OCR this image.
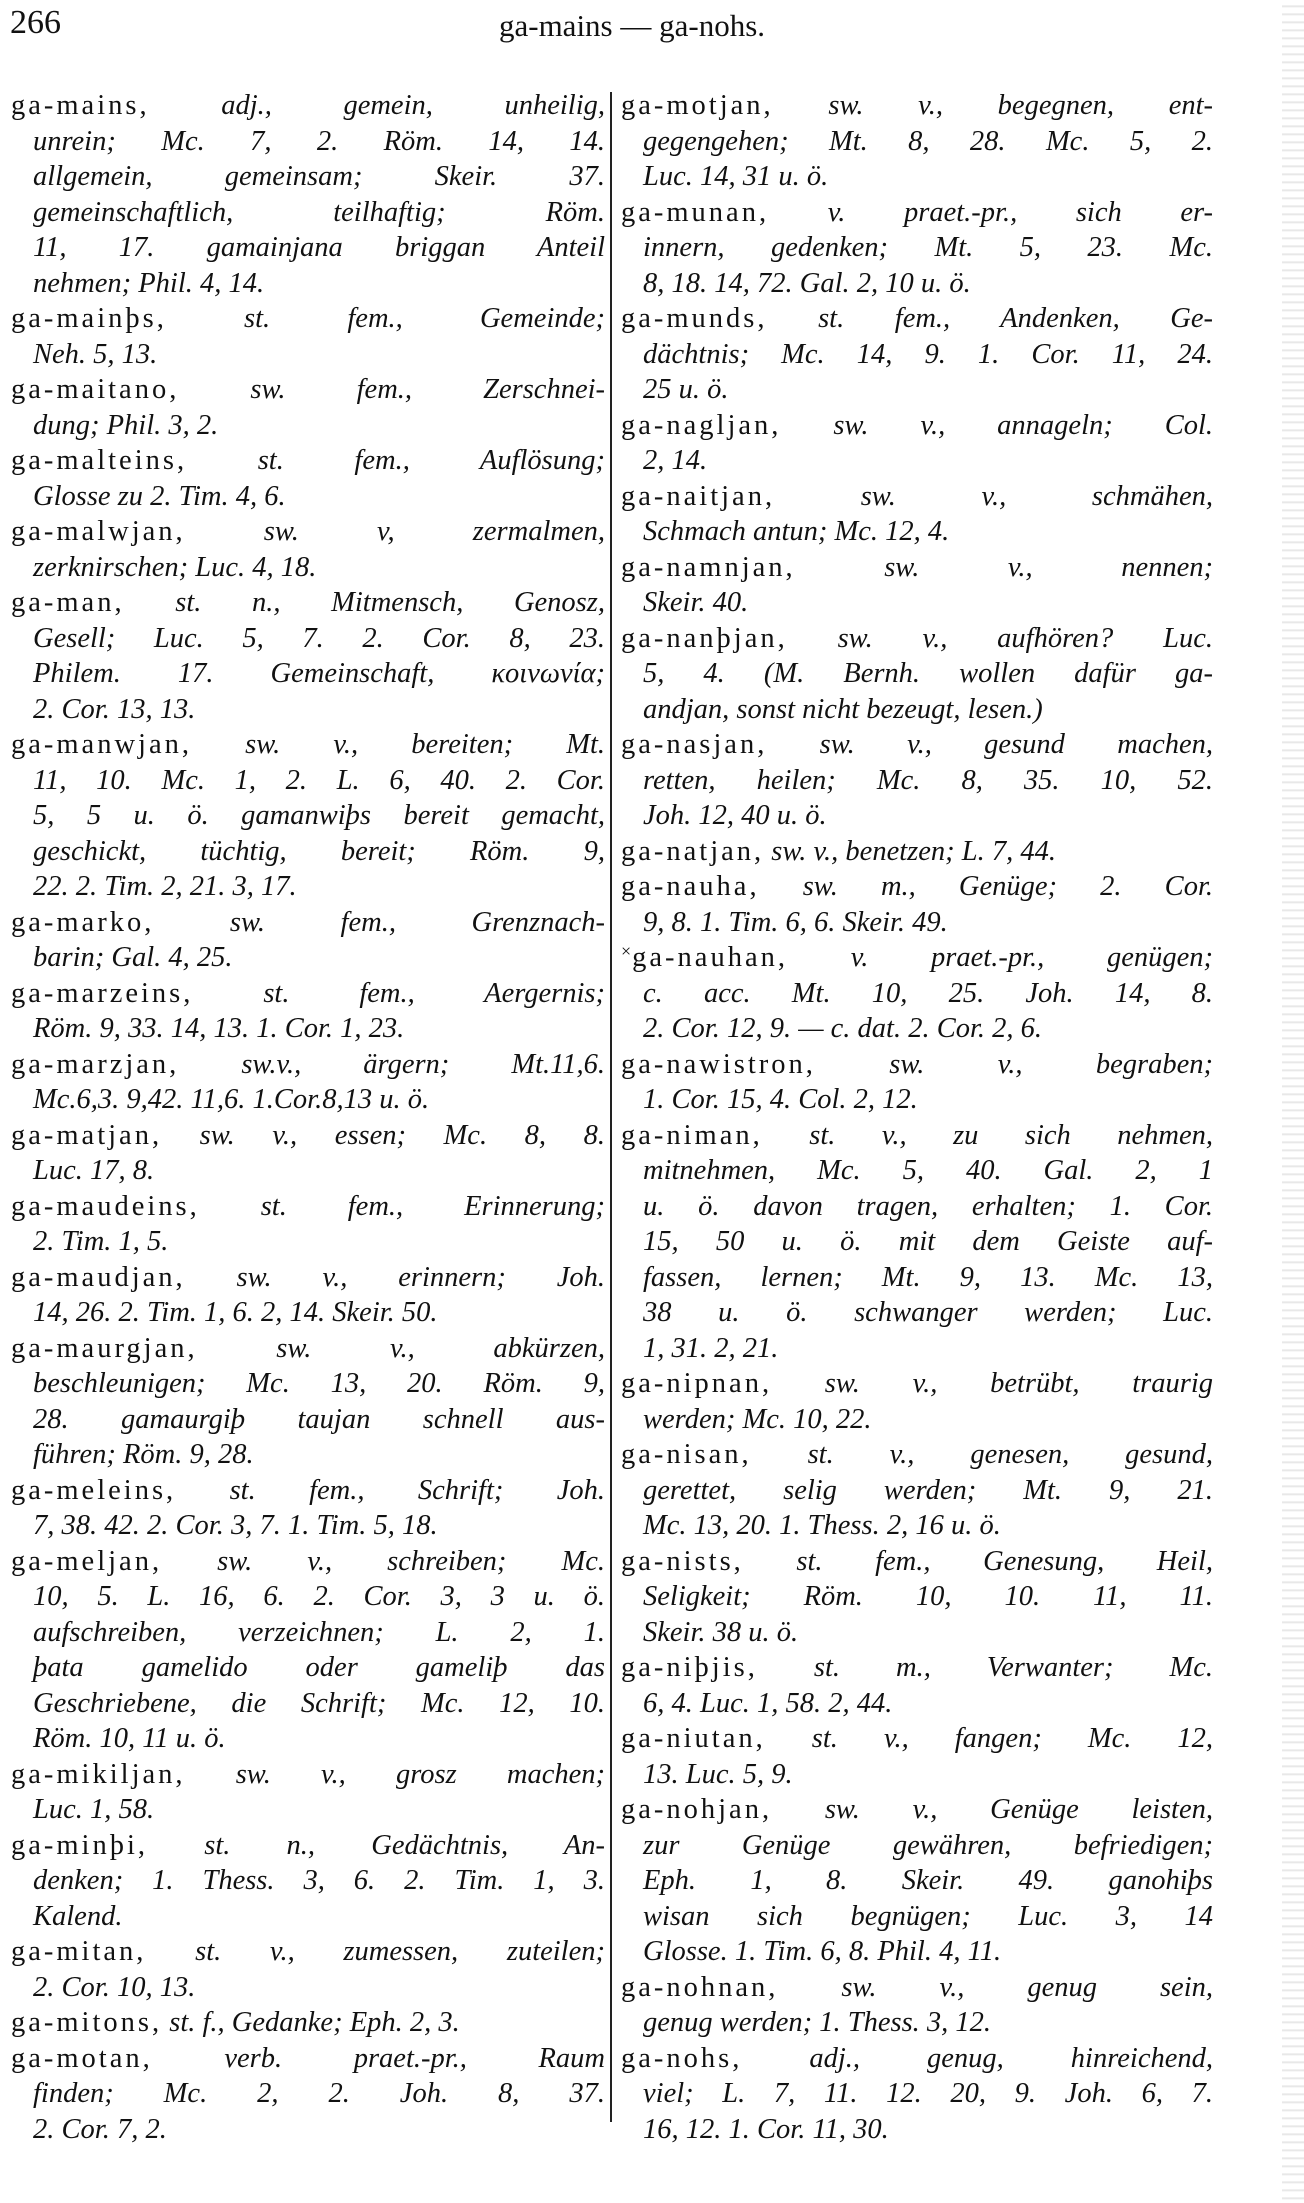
266	ga-mains — ga-nohs.
ga-mains,	adj., gemein, unheilig,
unrein; Mc. 7, 2. Röm. 14, 14.
allgemein, gemeinsam; Skeir. 37.
gemeinschaftlich, teilhaftig; Röm.
11, 17. gamainjana briggan Anteil
nehmen; Phil. 4, 14.
ga-mainþs,	st. fem., Gemeinde;
Neh. 5, 13.
ga-maitano, sw. fem., Zerschnei-
dung; Phil. 3, 2.
ga-malteins, st. fem., Auflösung;
Glosse zu 2. Tim. 4, 6.
ga-malwjan,	sw. v, zermalmen,
zerknirschen; Luc. 4, 18.
ga-man, st. n., Mitmensch, Genosz,
Gesell; Luc. 5, 7. 2. Cor. 8, 23.
Philem. 17. Gemeinschaft, κοινωνία;
2. Cor. 13, 13.
ga-manwjan, sw. v., bereiten; Mt.
11, 10. Mc. 1, 2. L. 6, 40. 2. Cor.
5, 5 u. ö. gamanwiþs bereit gemacht,
geschickt, tüchtig, bereit; Röm. 9,
22. 2. Tim. 2, 21. 3, 17.
ga-marko,	sw. fem., Grenznach-
barin; Gal. 4, 25.
ga-marzeins, st. fem., Aergernis;
Röm. 9, 33. 14, 13. 1. Cor. 1, 23.
ga-marzjan, sw.v., ärgern; Mt.11,6.
Mc.6,3. 9,42. 11,6. 1.Cor.8,13 u. ö.
ga-matjan, sw. v., essen; Mc. 8, 8.
Luc. 17, 8.
ga-maudeins, st. fem., Erinnerung;
2. Tim. 1, 5.
ga-maudjan, sw. v., erinnern; Joh.
14, 26. 2. Tim. 1, 6. 2, 14. Skeir. 50.
ga-maurgjan,	sw. v., abkürzen,
beschleunigen; Mc. 13, 20. Röm. 9,
28. gamaurgiþ taujan schnell aus-
führen; Röm. 9, 28.
ga-meleins, st. fem., Schrift; Joh.
7, 38. 42. 2. Cor. 3, 7. 1. Tim. 5, 18.
ga-meljan, sw. v., schreiben; Mc.
10, 5. L. 16, 6. 2. Cor. 3, 3 u. ö.
aufschreiben, verzeichnen; L. 2, 1.
þata gamelido oder gameliþ das
Geschriebene, die Schrift; Mc. 12, 10.
Röm. 10, 11 u. ö.
ga-mikiljan, sw. v., grosz machen;
Luc. 1, 58.
ga-minþi, st. n., Gedächtnis, An-
denken; 1. Thess. 3, 6. 2. Tim. 1, 3.
Kalend.
ga-mitan, st. v., zumessen, zuteilen;
2. Cor. 10, 13.
ga-mitons, st. f., Gedanke; Eph. 2, 3.
ga-motan,	verb. praet.-pr., Raum
finden; Mc. 2, 2. Joh. 8, 37.
2. Cor. 7, 2.
ga-motjan, sw. v., begegnen, ent-
gegengehen; Mt. 8, 28. Mc. 5, 2.
Luc. 14, 31 u. ö.
ga-munan, v. praet.-pr., sich er-
innern, gedenken; Mt. 5, 23. Mc.
8, 18. 14, 72. Gal. 2, 10 u. ö.
ga-munds, st. fem., Andenken, Ge-
dächtnis; Mc. 14, 9. 1. Cor. 11, 24.
25 u. ö.
ga-nagljan, sw. v., annageln; Col.
2, 14.
ga-naitjan,	sw. v., schmähen,
Schmach antun; Mc. 12, 4.
ga-namnjan,	sw. v., nennen;
Skeir. 40.
ga-nanþjan, sw. v., aufhören? Luc.
5, 4. (M. Bernh. wollen dafür ga-
andjan, sonst nicht bezeugt, lesen.)
ga-nasjan, sw. v., gesund machen,
retten, heilen; Mc. 8, 35. 10, 52.
Joh. 12, 40 u. ö.
ga-natjan, sw. v., benetzen; L. 7, 44.
ga-nauha, sw. m., Genüge; 2. Cor.
9, 8. 1. Tim. 6, 6. Skeir. 49.
×ga-nauhan, v. praet.-pr., genügen;
c. acc. Mt. 10, 25. Joh. 14, 8.
2. Cor. 12, 9. — c. dat. 2. Cor. 2, 6.
ga-nawistron,	sw. v., begraben;
1. Cor. 15, 4. Col. 2, 12.
ga-niman, st. v., zu sich nehmen,
mitnehmen, Mc. 5, 40. Gal. 2, 1
u. ö. davon tragen, erhalten; 1. Cor.
15, 50 u. ö. mit dem Geiste auf-
fassen, lernen; Mt. 9, 13. Mc. 13,
38 u. ö. schwanger werden; Luc.
1, 31. 2, 21.
ga-nipnan, sw. v., betrübt, traurig
werden; Mc. 10, 22.
ga-nisan, st. v., genesen, gesund,
gerettet, selig werden; Mt. 9, 21.
Mc. 13, 20. 1. Thess. 2, 16 u. ö.
ga-nists, st. fem., Genesung, Heil,
Seligkeit; Röm. 10, 10. 11, 11.
Skeir. 38 u. ö.
ga-niþjis, st. m., Verwanter; Mc.
6, 4. Luc. 1, 58. 2, 44.
ga-niutan, st. v., fangen; Mc. 12,
13. Luc. 5, 9.
ga-nohjan, sw. v., Genüge leisten,
zur Genüge gewähren, befriedigen;
Eph. 1, 8. Skeir. 49. ganohiþs
wisan sich begnügen; Luc. 3, 14
Glosse. 1. Tim. 6, 8. Phil. 4, 11.
ga-nohnan, sw. v., genug sein,
genug werden; 1. Thess. 3, 12.
ga-nohs, adj., genug, hinreichend,
viel; L. 7, 11. 12. 20, 9. Joh. 6, 7.
16, 12. 1. Cor. 11, 30.
